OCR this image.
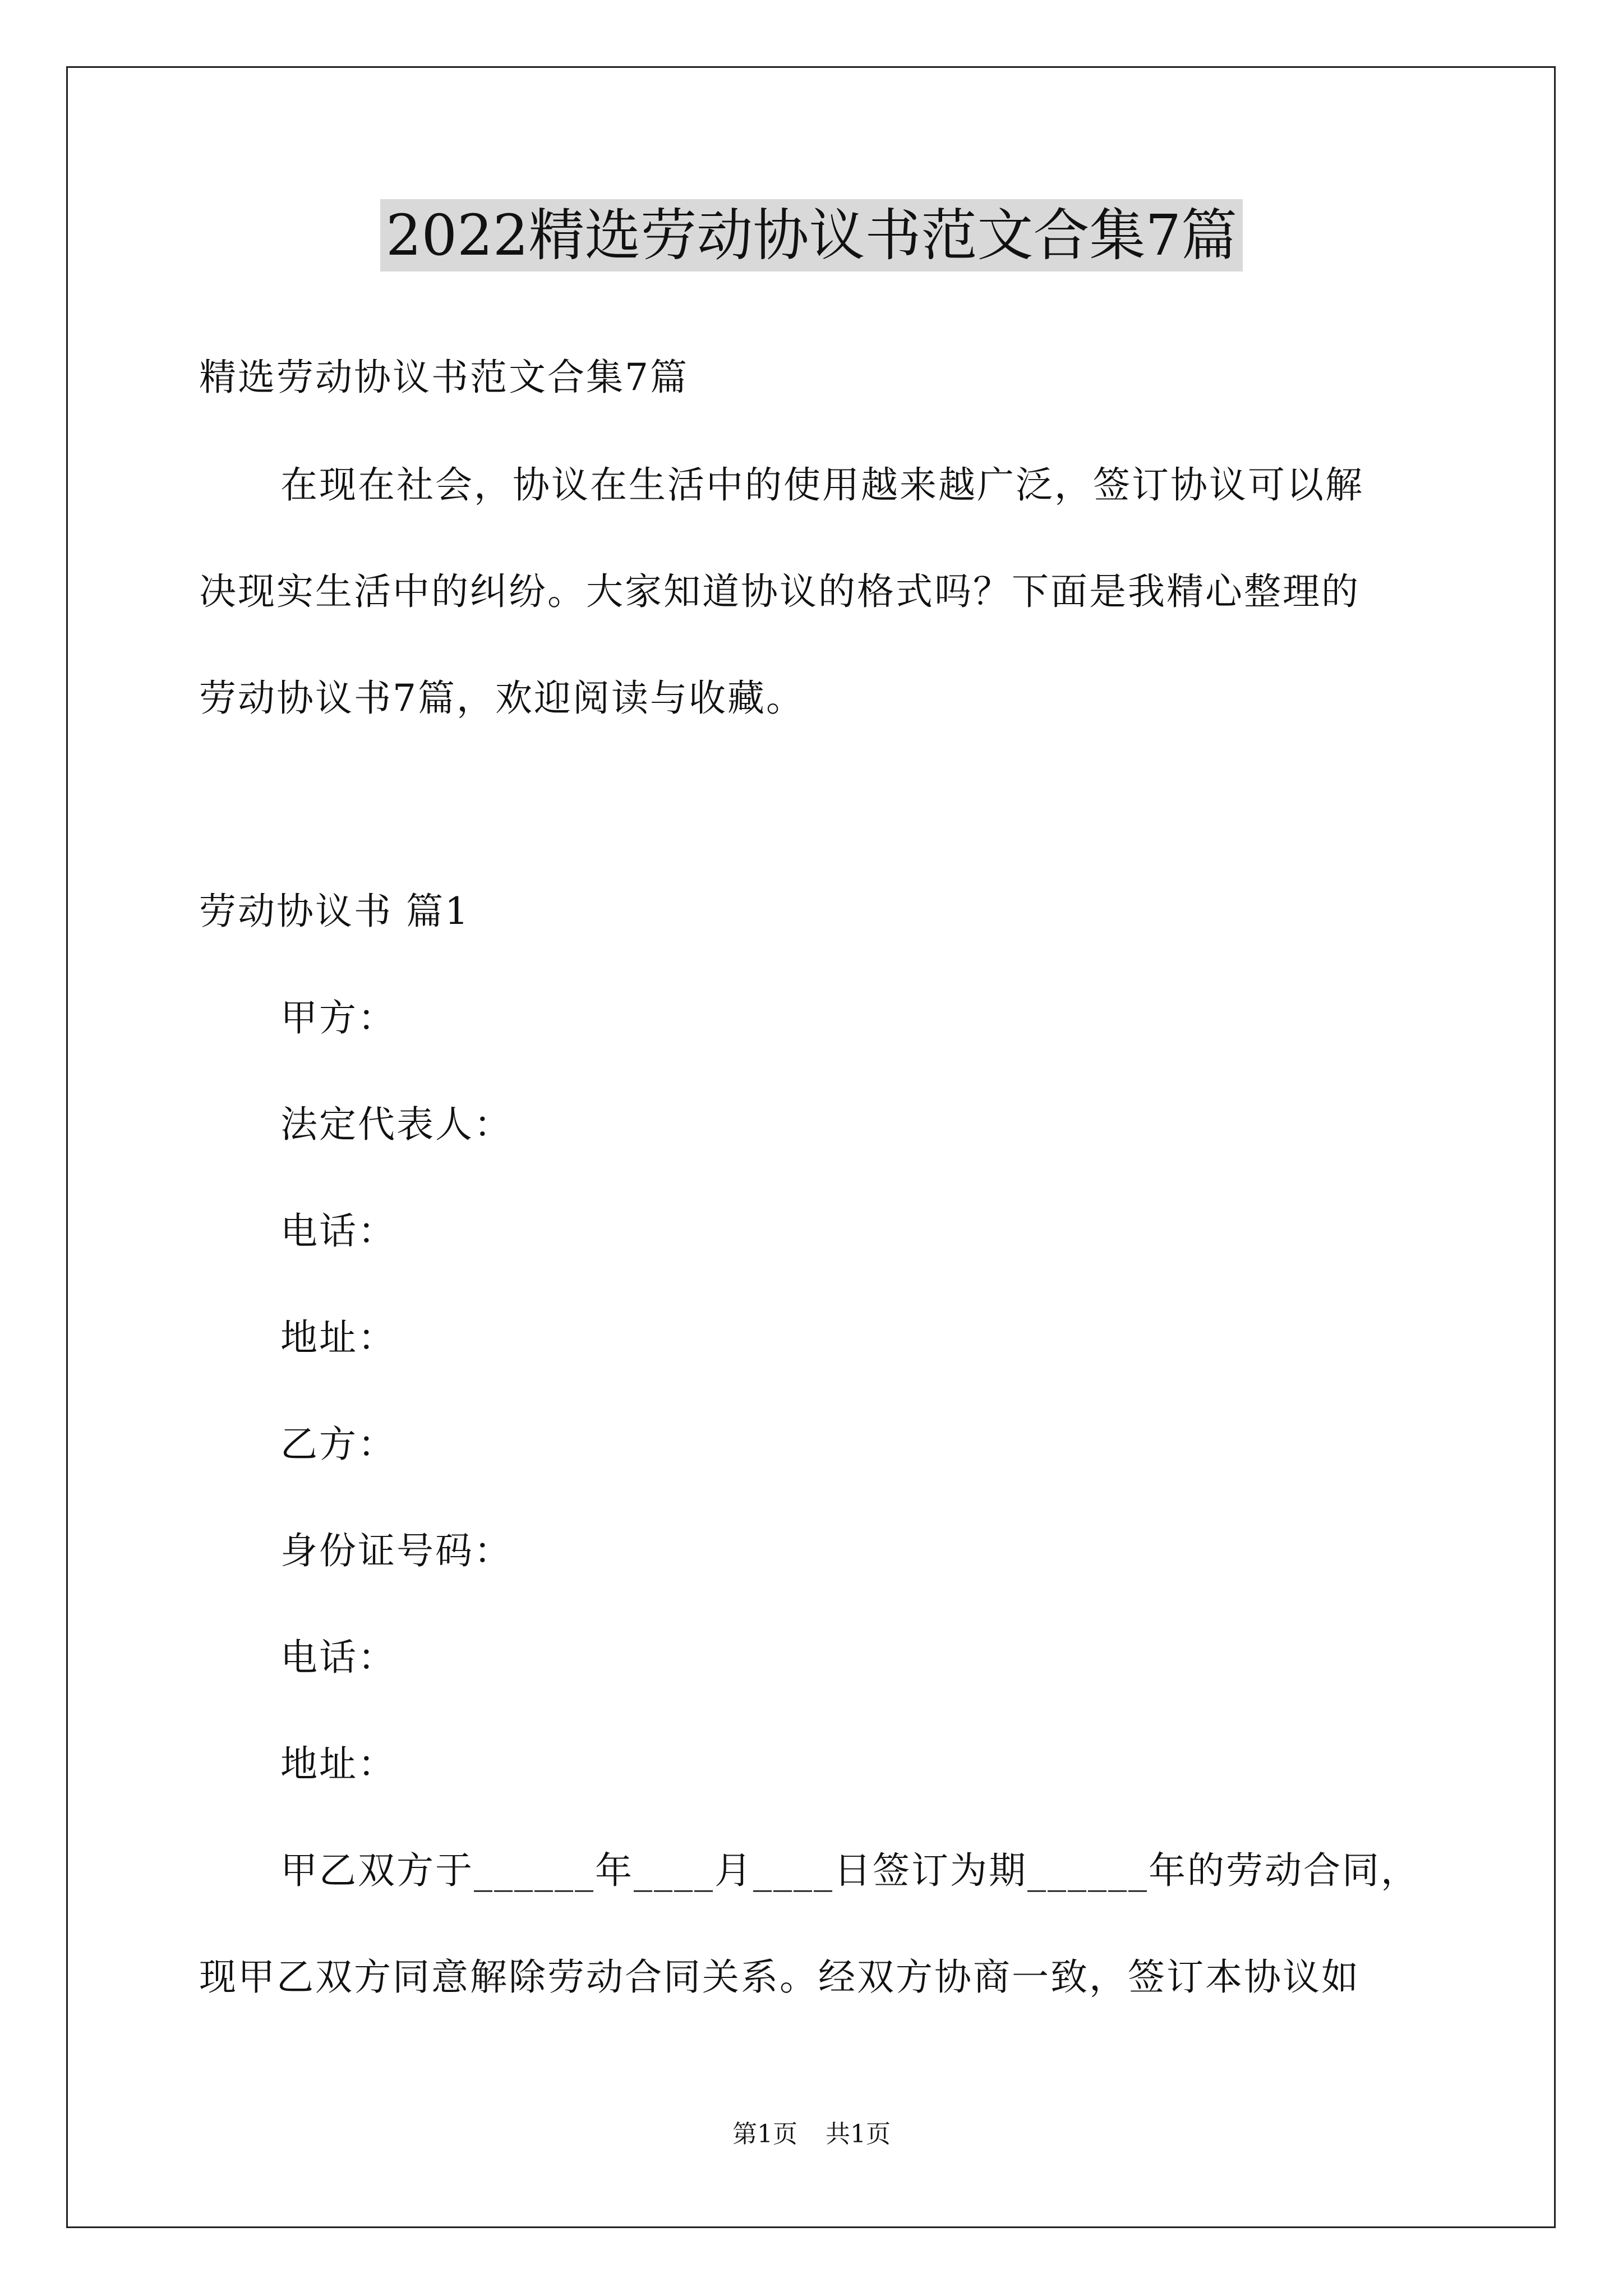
2022精选劳动协议书范文合集7篇
精选劳动协议书范文合集7篇
在现在社会，协议在生活中的使用越来越广泛，签订协议可以解
决现实生活中的纠纷。大家知道协议的格式吗？下面是我精心整理的
劳动协议书7篇，欢迎阅读与收藏。
劳动协议书 篇1
甲方：
法定代表人：
电话：
地址：
乙方：
身份证号码：
电话：
地址：
甲乙双方于______年____月____日签订为期______年的劳动合同，
现甲乙双方同意解除劳动合同关系。经双方协商一致，签订本协议如
第1页 共1页
